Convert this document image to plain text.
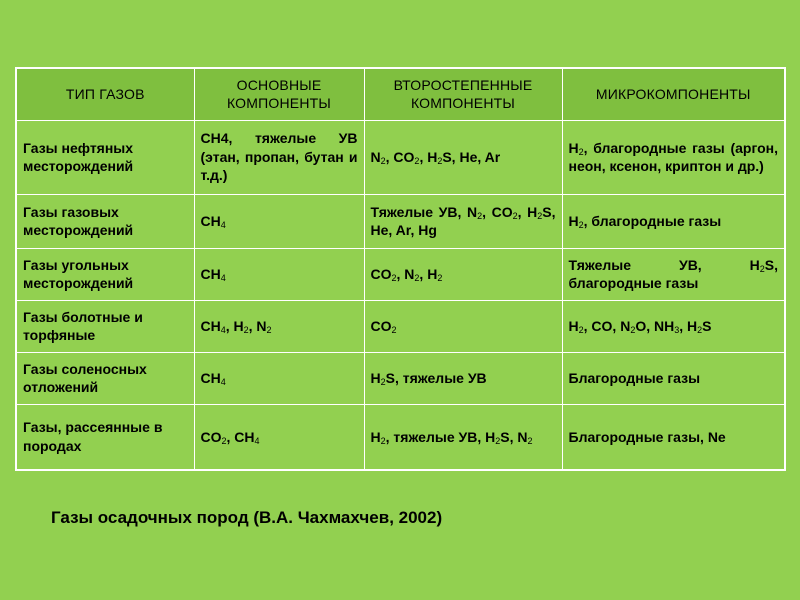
ТИП ГАЗОВ	ОСНОВНЫЕ КОМПОНЕНТЫ	ВТОРОСТЕПЕННЫЕ КОМПОНЕНТЫ	МИКРОКОМПОНЕНТЫ
Газы нефтяных месторождений	CH4, тяжелые УВ (этан, пропан, бутан и т.д.)	$N_2$, $CO_2$, $H_2S$, He, Ar	$H_2$, благородные газы (аргон, неон, ксенон, криптон и др.)
Газы газовых месторождений	$CH_4$	Тяжелые УВ, $N_2$, $CO_2$, $H_2S$, He, Ar, Hg	$H_2$, благородные газы
Газы угольных месторождений	$CH_4$	$CO_2$, $N_2$, $H_2$	Тяжелые УВ, $H_2S$, благородные газы
Газы болотные и торфяные	$CH_4$, $H_2$, $N_2$	$CO_2$	$H_2$, CO, $N_2O$, $NH_3$, $H_2S$
Газы соленосных отложений	$CH_4$	$H_2S$, тяжелые УВ	Благородные газы
Газы, рассеянные в породах	$CO_2$, $CH_4$	$H_2$, тяжелые УВ, $H_2S$, $N_2$	Благородные газы, Ne
Газы осадочных пород (В.А. Чахмахчев, 2002)
